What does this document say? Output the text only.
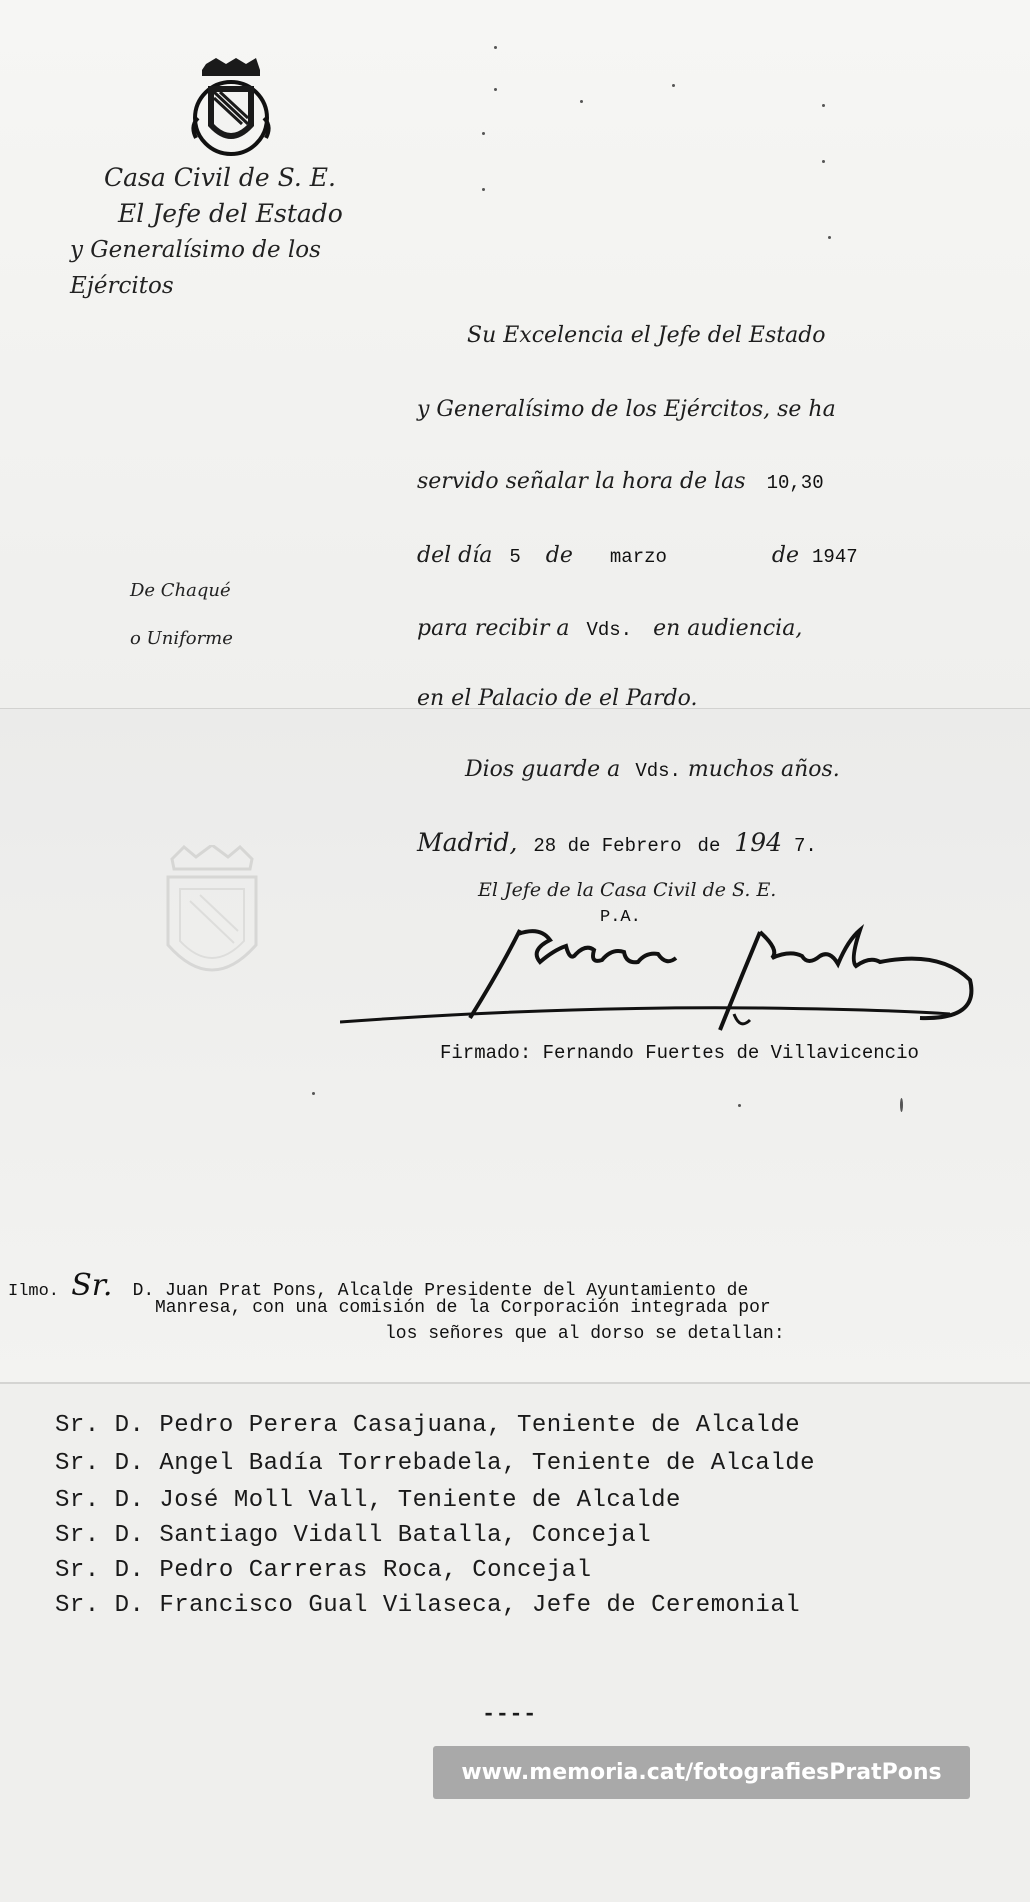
Casa Civil de S. E.
El Jefe del Estado
y Generalísimo de los Ejércitos
De Chaqué
o Uniforme
Su Excelencia el Jefe del Estado
y Generalísimo de los Ejércitos, se ha
servido señalar la hora de las 10,30
del día 5 de marzo	de 1947
para recibir a Vds. en audiencia,
en el Palacio de el Pardo.
Dios guarde a Vds. muchos años.
Madrid, 28 de Febrero de 194 7.
El Jefe de la Casa Civil de S. E.
P.A.
Firmado: Fernando Fuertes de Villavicencio
Ilmo. Sr. D. Juan Prat Pons, Alcalde Presidente del Ayuntamiento de
Manresa, con una comisión de la Corporación integrada por
los señores que al dorso se detallan:
Sr. D. Pedro Perera Casajuana, Teniente de Alcalde
Sr. D. Angel Badía Torrebadela, Teniente de Alcalde
Sr. D. José Moll Vall, Teniente de Alcalde
Sr. D. Santiago Vidall Batalla, Concejal
Sr. D. Pedro Carreras Roca, Concejal
Sr. D. Francisco Gual Vilaseca, Jefe de Ceremonial
----
www.memoria.cat/fotografiesPratPons
